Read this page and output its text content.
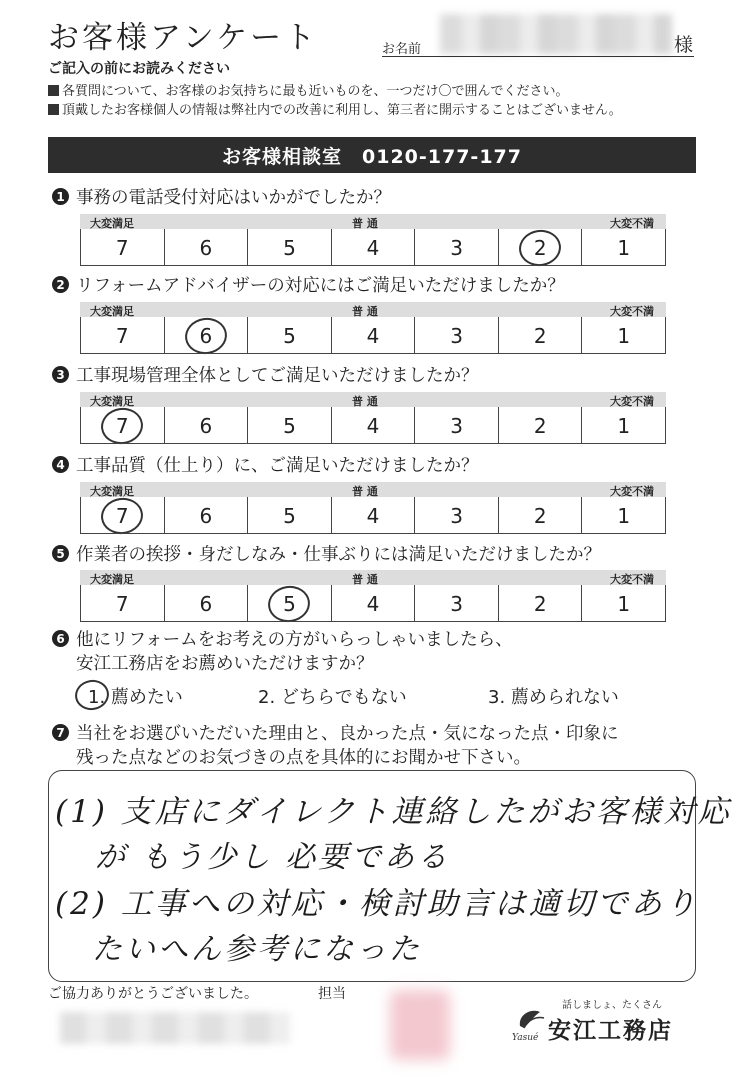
お客様アンケート	お名前	様
ご記入の前にお読みください
各質問について、お客様のお気持ちに最も近いものを、一つだけ〇で囲んでください。
頂戴したお客様個人の情報は弊社内での改善に利用し、第三者に開示することはございません。
お客様相談室　0120-177-177
1 事務の電話受付対応はいかがでしたか？
大変満足	普 通	大変不満
7	6	5	4	3	2	1
2 リフォームアドバイザーの対応にはご満足いただけましたか？
大変満足	普 通	大変不満
7	6	5	4	3	2	1
3 工事現場管理全体としてご満足いただけましたか？
大変満足	普 通	大変不満
7	6	5	4	3	2	1
4 工事品質（仕上り）に、ご満足いただけましたか？
大変満足	普 通	大変不満
7	6	5	4	3	2	1
5 作業者の挨拶・身だしなみ・仕事ぶりには満足いただけましたか？
大変満足	普 通	大変不満
7	6	5	4	3	2	1
6 他にリフォームをお考えの方がいらっしゃいましたら、
安江工務店をお薦めいただけますか？
1. 薦めたい	2. どちらでもない	3. 薦められない
7 当社をお選びいただいた理由と、良かった点・気になった点・印象に
残った点などのお気づきの点を具体的にお聞かせ下さい。
(1) 支店にダイレクト連絡したがお客様対応
が もう少し 必要である
(2) 工事への対応・検討助言は適切であり
たいへん参考になった
ご協力ありがとうございました。	担当
Yasué
話しましょ、たくさん
安江工務店
